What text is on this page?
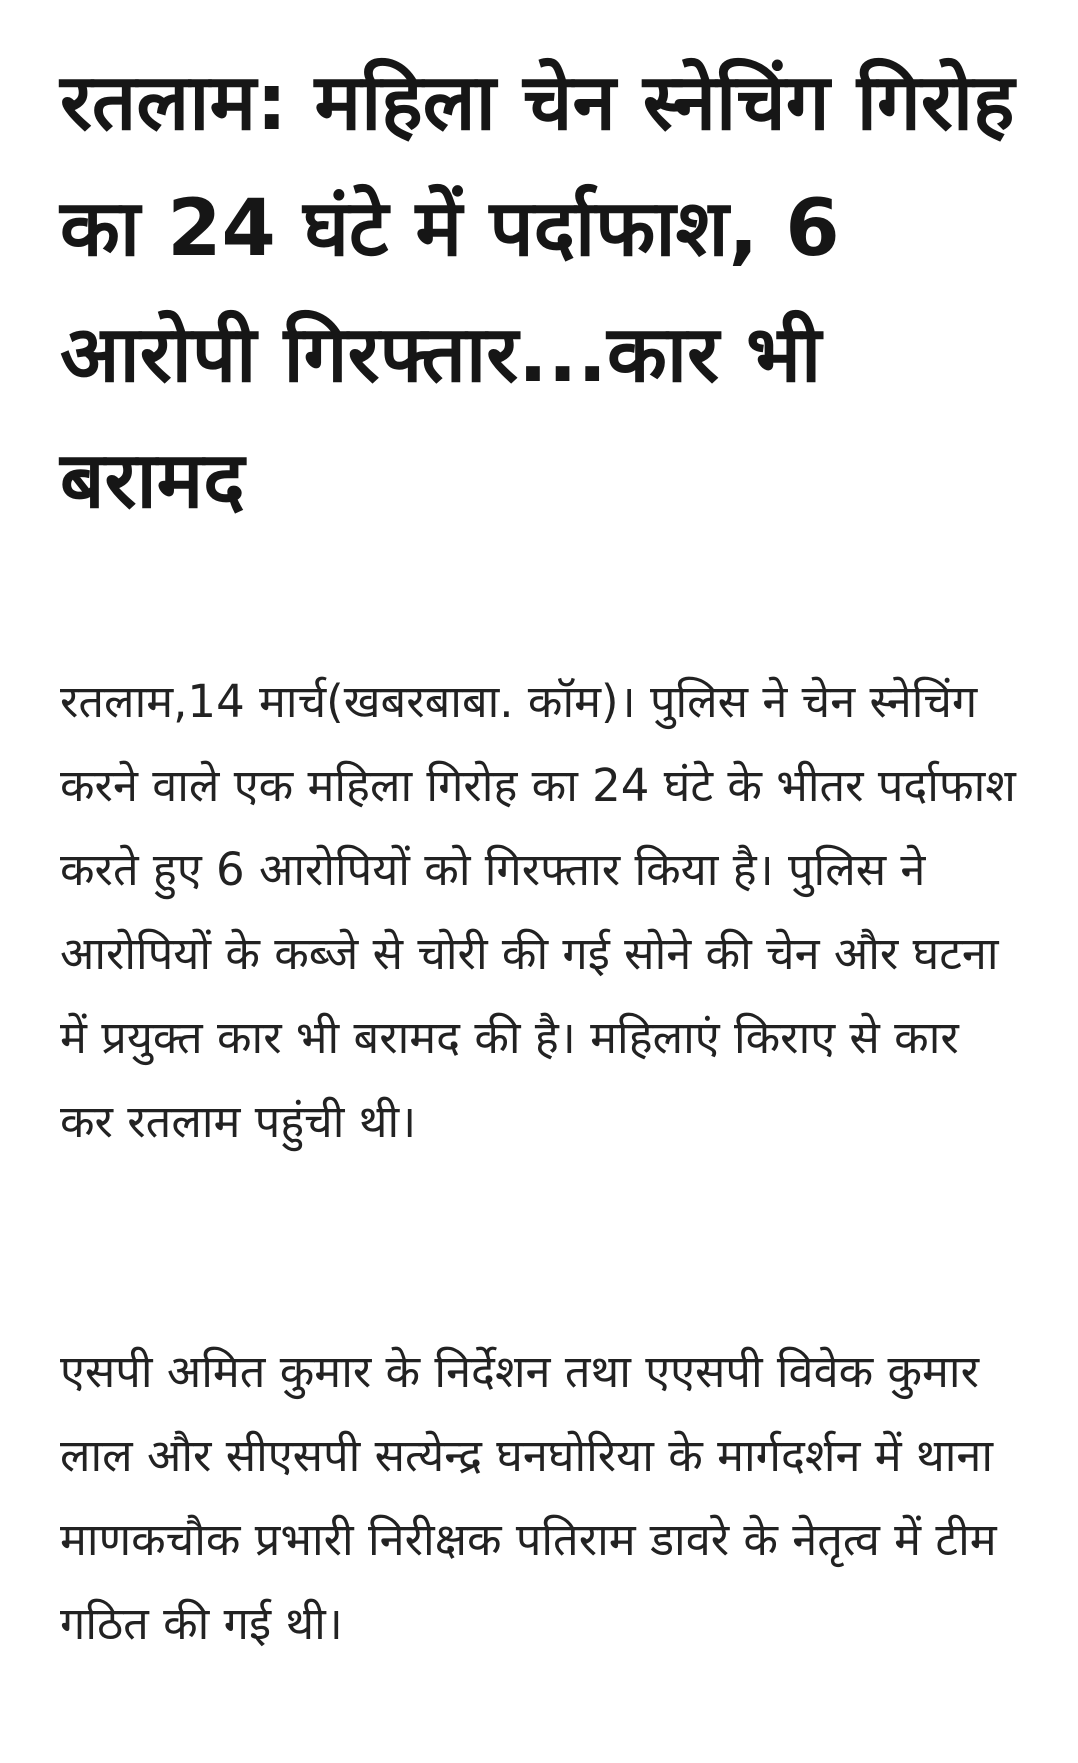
रतलाम: महिला चेन स्नेचिंग गिरोह का 24 घंटे में पर्दाफाश, 6 आरोपी गिरफ्तार...कार भी बरामद

रतलाम,14 मार्च(खबरबाबा. कॉम)। पुलिस ने चेन स्नेचिंग करने वाले एक महिला गिरोह का 24 घंटे के भीतर पर्दाफाश करते हुए 6 आरोपियों को गिरफ्तार किया है। पुलिस ने आरोपियों के कब्जे से चोरी की गई सोने की चेन और घटना में प्रयुक्त कार भी बरामद की है। महिलाएं किराए से कार कर रतलाम पहुंची थी।

एसपी अमित कुमार के निर्देशन तथा एएसपी विवेक कुमार लाल और सीएसपी सत्येन्द्र घनघोरिया के मार्गदर्शन में थाना माणकचौक प्रभारी निरीक्षक पतिराम डावरे के नेतृत्व में टीम गठित की गई थी।
